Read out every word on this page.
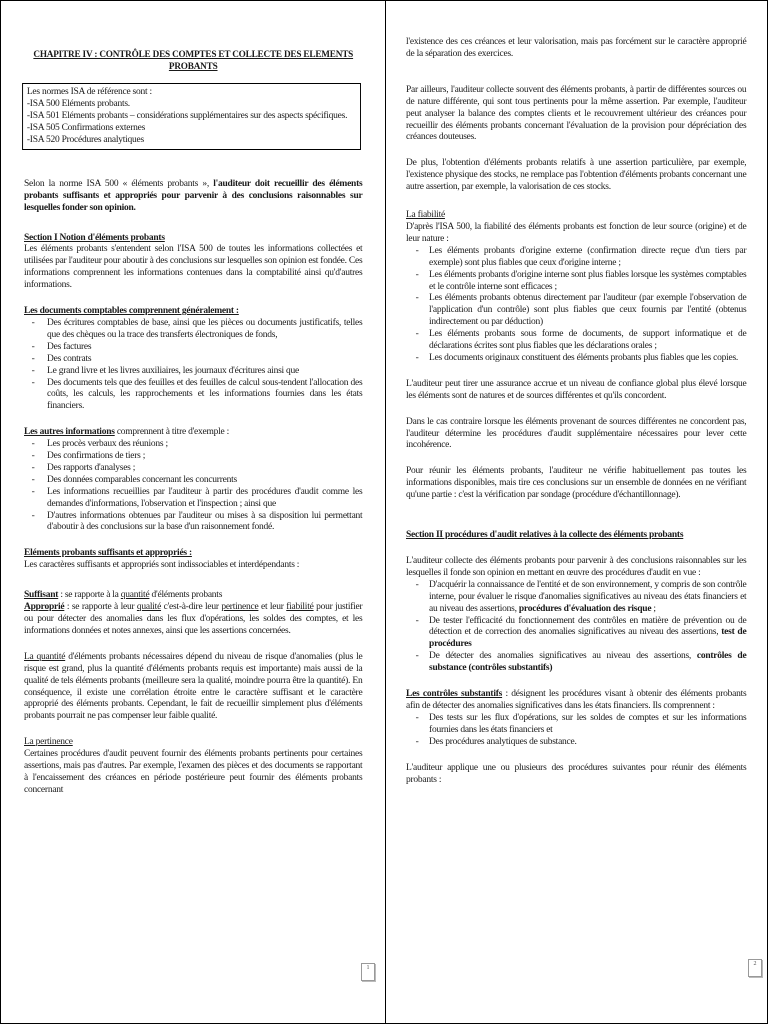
CHAPITRE IV : CONTRÔLE DES COMPTES ET COLLECTE DES ELEMENTS PROBANTS

Les normes ISA de référence sont :
-ISA 500 Eléments probants.
-ISA 501 Eléments probants – considérations supplémentaires sur des aspects spécifiques.
-ISA 505 Confirmations externes
-ISA 520 Procédures analytiques

Selon la norme ISA 500 « éléments probants », l'auditeur doit recueillir des éléments probants suffisants et appropriés pour parvenir à des conclusions raisonnables sur lesquelles fonder son opinion.

Section I Notion d'éléments probants
Les éléments probants s'entendent selon l'ISA 500 de toutes les informations collectées et utilisées par l'auditeur pour aboutir à des conclusions sur lesquelles son opinion est fondée. Ces informations comprennent les informations contenues dans la comptabilité ainsi qu'd'autres informations.

Les documents comptables comprennent généralement :

- Des écritures comptables de base, ainsi que les pièces ou documents justificatifs, telles que des chèques ou la trace des transferts électroniques de fonds,
- Des factures
- Des contrats
- Le grand livre et les livres auxiliaires, les journaux d'écritures ainsi que
- Des documents tels que des feuilles et des feuilles de calcul sous-tendent l'allocation des coûts, les calculs, les rapprochements et les informations fournies dans les états financiers.

Les autres informations comprennent à titre d'exemple :

- Les procès verbaux des réunions ;
- Des confirmations de tiers ;
- Des rapports d'analyses ;
- Des données comparables concernant les concurrents
- Les informations recueillies par l'auditeur à partir des procédures d'audit comme les demandes d'informations, l'observation et l'inspection ; ainsi que
- D'autres informations obtenues par l'auditeur ou mises à sa disposition lui permettant d'aboutir à des conclusions sur la base d'un raisonnement fondé.

Eléments probants suffisants et appropriés :
Les caractères suffisants et appropriés sont indissociables et interdépendants :

Suffisant : se rapporte à la quantité d'éléments probants
Approprié : se rapporte à leur qualité c'est-à-dire leur pertinence et leur fiabilité pour justifier ou pour détecter des anomalies dans les flux d'opérations, les soldes des comptes, et les informations données et notes annexes, ainsi que les assertions concernées.

La quantité d'éléments probants nécessaires dépend du niveau de risque d'anomalies (plus le risque est grand, plus la quantité d'éléments probants requis est importante) mais aussi de la qualité de tels éléments probants (meilleure sera la qualité, moindre pourra être la quantité). En conséquence, il existe une corrélation étroite entre le caractère suffisant et le caractère approprié des éléments probants. Cependant, le fait de recueillir simplement plus d'éléments probants pourrait ne pas compenser leur faible qualité.

La pertinence
Certaines procédures d'audit peuvent fournir des éléments probants pertinents pour certaines assertions, mais pas d'autres. Par exemple, l'examen des pièces et des documents se rapportant à l'encaissement des créances en période postérieure peut fournir des éléments probants concernant

1

l'existence des ces créances et leur valorisation, mais pas forcément sur le caractère approprié de la séparation des exercices.

Par ailleurs, l'auditeur collecte souvent des éléments probants, à partir de différentes sources ou de nature différente, qui sont tous pertinents pour la même assertion. Par exemple, l'auditeur peut analyser la balance des comptes clients et le recouvrement ultérieur des créances pour recueillir des éléments probants concernant l'évaluation de la provision pour dépréciation des créances douteuses.

De plus, l'obtention d'éléments probants relatifs à une assertion particulière, par exemple, l'existence physique des stocks, ne remplace pas l'obtention d'éléments probants concernant une autre assertion, par exemple, la valorisation de ces stocks.

La fiabilité
D'après l'ISA 500, la fiabilité des éléments probants est fonction de leur source (origine) et de leur nature :

- Les éléments probants d'origine externe (confirmation directe reçue d'un tiers par exemple) sont plus fiables que ceux d'origine interne ;
- Les éléments probants d'origine interne sont plus fiables lorsque les systèmes comptables et le contrôle interne sont efficaces ;
- Les éléments probants obtenus directement par l'auditeur (par exemple l'observation de l'application d'un contrôle) sont plus fiables que ceux fournis par l'entité (obtenus indirectement ou par déduction)
- Les éléments probants sous forme de documents, de support informatique et de déclarations écrites sont plus fiables que les déclarations orales ;
- Les documents originaux constituent des éléments probants plus fiables que les copies.

L'auditeur peut tirer une assurance accrue et un niveau de confiance global plus élevé lorsque les éléments sont de natures et de sources différentes et qu'ils concordent.

Dans le cas contraire lorsque les éléments provenant de sources différentes ne concordent pas, l'auditeur détermine les procédures d'audit supplémentaire nécessaires pour lever cette incohérence.

Pour réunir les éléments probants, l'auditeur ne vérifie habituellement pas toutes les informations disponibles, mais tire ces conclusions sur un ensemble de données en ne vérifiant qu'une partie : c'est la vérification par sondage (procédure d'échantillonnage).

Section II procédures d'audit relatives à la collecte des éléments probants

L'auditeur collecte des éléments probants pour parvenir à des conclusions raisonnables sur les lesquelles il fonde son opinion en mettant en œuvre des procédures d'audit en vue :

- D'acquérir la connaissance de l'entité et de son environnement, y compris de son contrôle interne, pour évaluer le risque d'anomalies significatives au niveau des états financiers et au niveau des assertions, procédures d'évaluation des risque ;
- De tester l'efficacité du fonctionnement des contrôles en matière de prévention ou de détection et de correction des anomalies significatives au niveau des assertions, test de procédures
- De détecter des anomalies significatives au niveau des assertions, contrôles de substance (contrôles substantifs)

Les contrôles substantifs : désignent les procédures visant à obtenir des éléments probants afin de détecter des anomalies significatives dans les états financiers. Ils comprennent :

- Des tests sur les flux d'opérations, sur les soldes de comptes et sur les informations fournies dans les états financiers et
- Des procédures analytiques de substance.

L'auditeur applique une ou plusieurs des procédures suivantes pour réunir des éléments probants :

2
